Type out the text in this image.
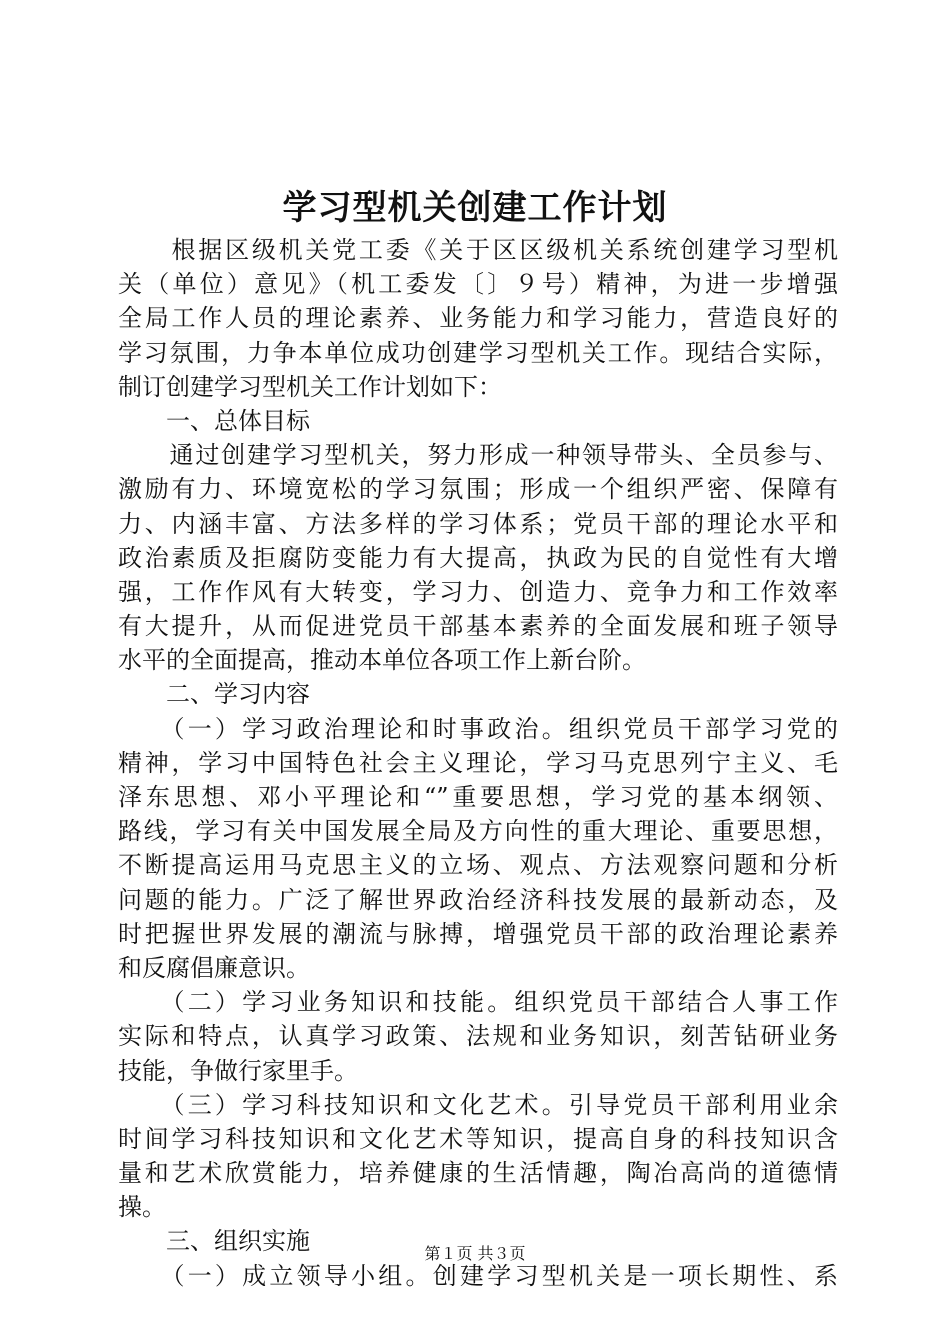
学习型机关创建工作计划
　　根据区级机关党工委《关于区区级机关系统创建学习型机
关（单位）意见》（机工委发〔〕９号）精神，为进一步增强
全局工作人员的理论素养、业务能力和学习能力，营造良好的
学习氛围，力争本单位成功创建学习型机关工作。现结合实际，
制订创建学习型机关工作计划如下：
　　一、总体目标
　　通过创建学习型机关，努力形成一种领导带头、全员参与、
激励有力、环境宽松的学习氛围；形成一个组织严密、保障有
力、内涵丰富、方法多样的学习体系；党员干部的理论水平和
政治素质及拒腐防变能力有大提高，执政为民的自觉性有大增
强，工作作风有大转变，学习力、创造力、竞争力和工作效率
有大提升，从而促进党员干部基本素养的全面发展和班子领导
水平的全面提高，推动本单位各项工作上新台阶。
　　二、学习内容
　　（一）学习政治理论和时事政治。组织党员干部学习党的
精神，学习中国特色社会主义理论，学习马克思列宁主义、毛
泽东思想、邓小平理论和“”重要思想，学习党的基本纲领、
路线，学习有关中国发展全局及方向性的重大理论、重要思想，
不断提高运用马克思主义的立场、观点、方法观察问题和分析
问题的能力。广泛了解世界政治经济科技发展的最新动态，及
时把握世界发展的潮流与脉搏，增强党员干部的政治理论素养
和反腐倡廉意识。
　　（二）学习业务知识和技能。组织党员干部结合人事工作
实际和特点，认真学习政策、法规和业务知识，刻苦钻研业务
技能，争做行家里手。
　　（三）学习科技知识和文化艺术。引导党员干部利用业余
时间学习科技知识和文化艺术等知识，提高自身的科技知识含
量和艺术欣赏能力，培养健康的生活情趣，陶冶高尚的道德情
操。
　　三、组织实施
　　（一）成立领导小组。创建学习型机关是一项长期性、系
第１页 共３页
